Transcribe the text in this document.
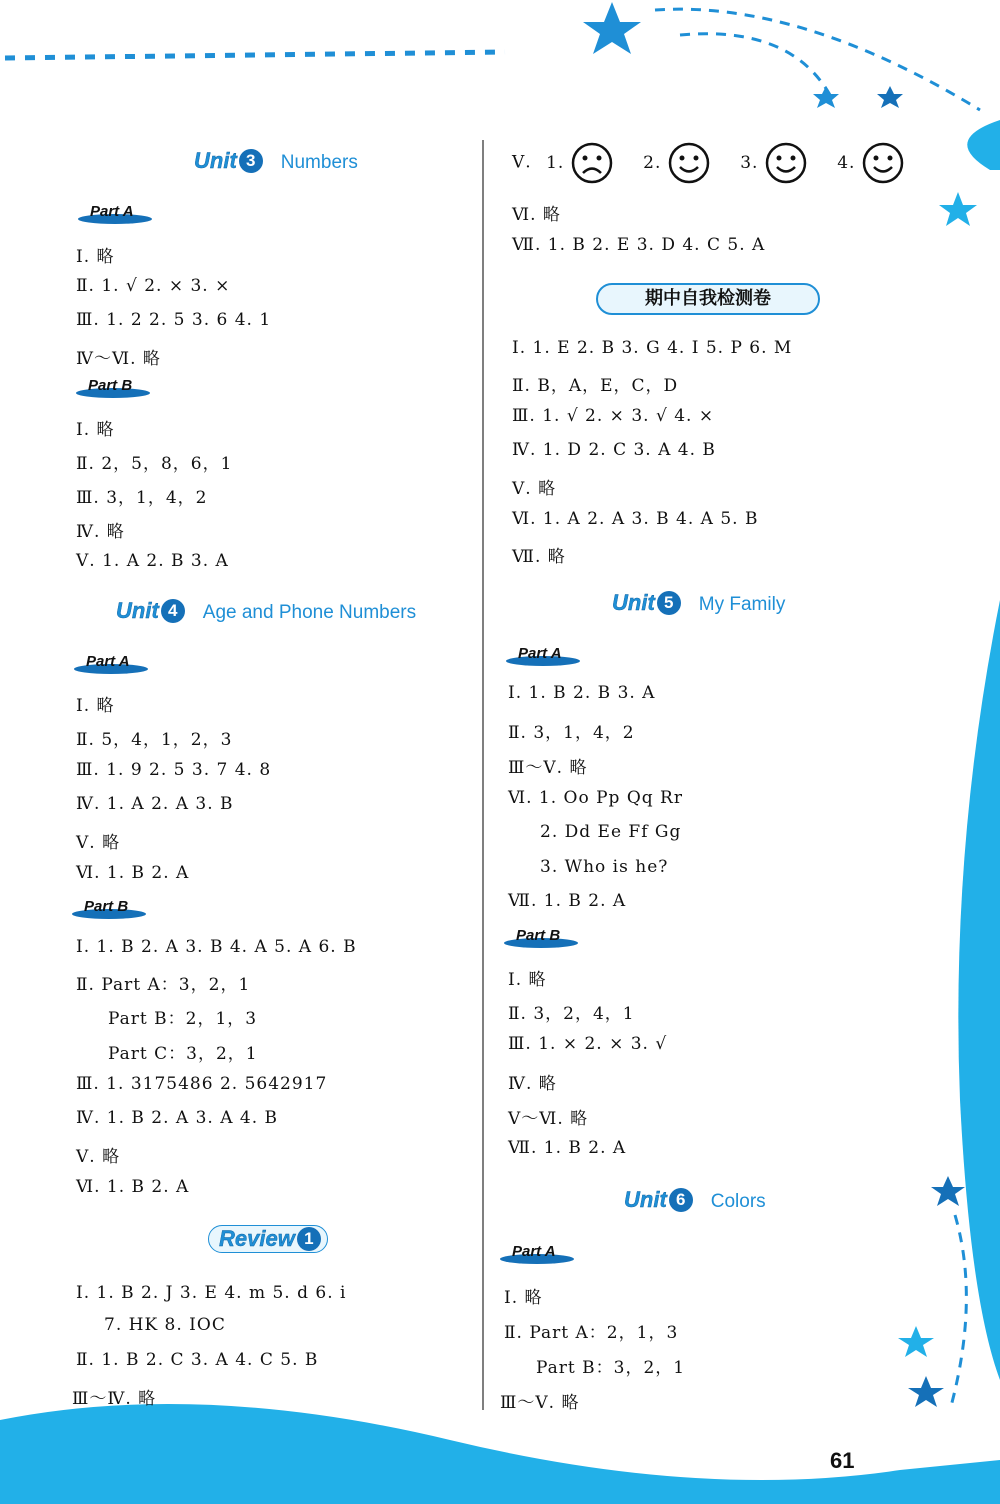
Unit 3 Numbers
Part A
Ⅰ. 略
Ⅱ. 1. √ 2. × 3. ×
Ⅲ. 1. 2 2. 5 3. 6 4. 1
Ⅳ～Ⅵ. 略
Part B
Ⅰ. 略
Ⅱ. 2，5，8，6，1
Ⅲ. 3，1，4，2
Ⅳ. 略
Ⅴ. 1. A 2. B 3. A
Unit 4 Age and Phone Numbers
Part A
Ⅰ. 略
Ⅱ. 5，4，1，2，3
Ⅲ. 1. 9 2. 5 3. 7 4. 8
Ⅳ. 1. A 2. A 3. B
Ⅴ. 略
Ⅵ. 1. B 2. A
Part B
Ⅰ. 1. B 2. A 3. B 4. A 5. A 6. B
Ⅱ. Part A：3，2，1
Part B：2，1，3
Part C：3，2，1
Ⅲ. 1. 3175486 2. 5642917
Ⅳ. 1. B 2. A 3. A 4. B
Ⅴ. 略
Ⅵ. 1. B 2. A
Review 1
Ⅰ. 1. B 2. J 3. E 4. m 5. d 6. i
7. HK 8. IOC
Ⅱ. 1. B 2. C 3. A 4. C 5. B
Ⅲ～Ⅳ. 略
Ⅴ. 1.	2.	3.	4.
Ⅵ. 略
Ⅶ. 1. B 2. E 3. D 4. C 5. A
期中自我检测卷
Ⅰ. 1. E 2. B 3. G 4. I 5. P 6. M
Ⅱ. B，A，E，C，D
Ⅲ. 1. √ 2. × 3. √ 4. ×
Ⅳ. 1. D 2. C 3. A 4. B
Ⅴ. 略
Ⅵ. 1. A 2. A 3. B 4. A 5. B
Ⅶ. 略
Unit 5 My Family
Part A
Ⅰ. 1. B 2. B 3. A
Ⅱ. 3，1，4，2
Ⅲ～Ⅴ. 略
Ⅵ. 1. Oo Pp Qq Rr
2. Dd Ee Ff Gg
3. Who is he?
Ⅶ. 1. B 2. A
Part B
Ⅰ. 略
Ⅱ. 3，2，4，1
Ⅲ. 1. × 2. × 3. √
Ⅳ. 略
Ⅴ～Ⅵ. 略
Ⅶ. 1. B 2. A
Unit 6 Colors
Part A
Ⅰ. 略
Ⅱ. Part A：2，1，3
Part B：3，2，1
Ⅲ～Ⅴ. 略
61
